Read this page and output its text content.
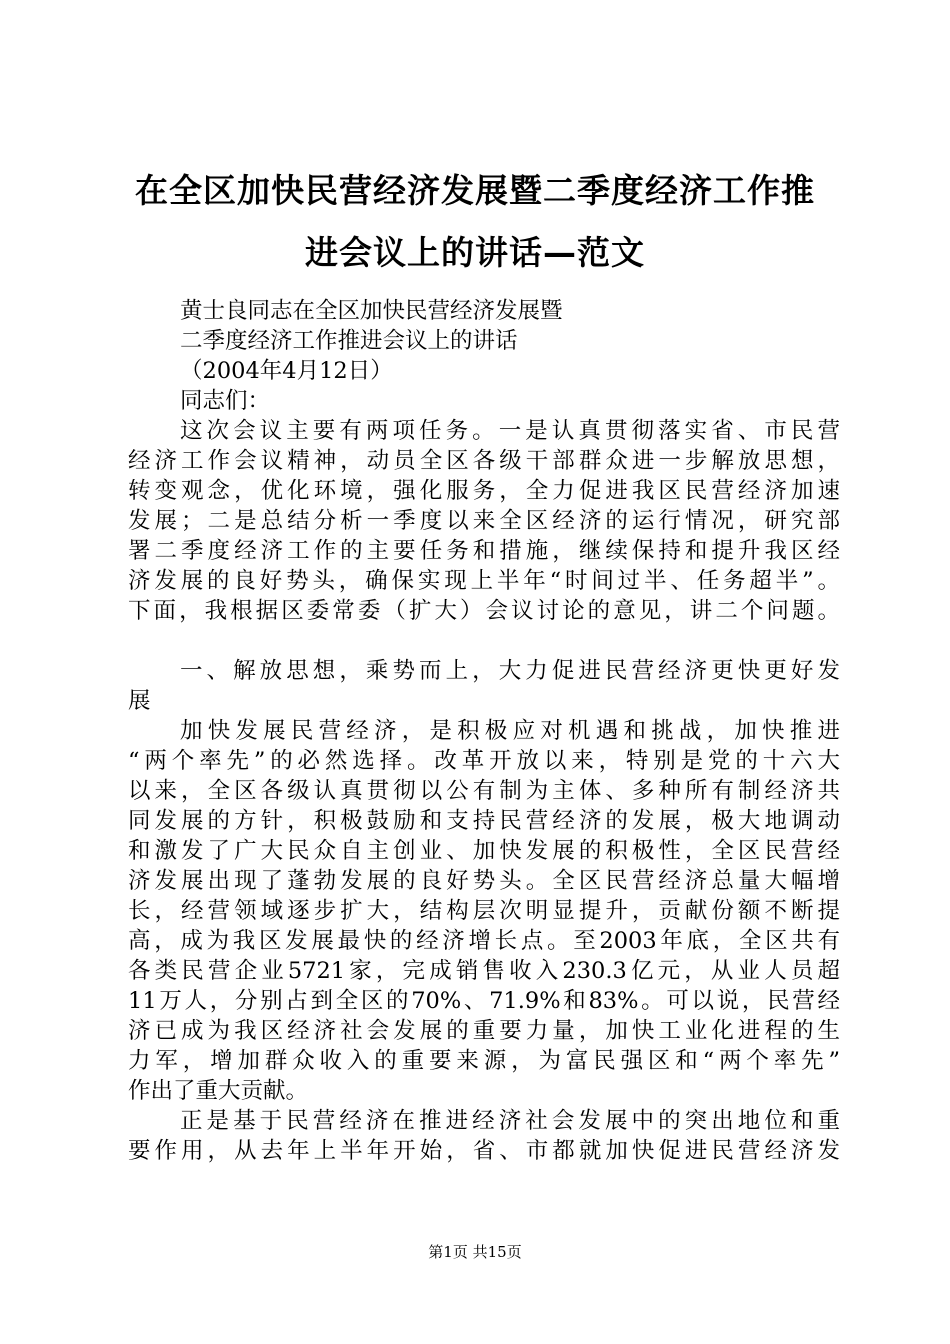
在全区加快民营经济发展暨二季度经济工作推
进会议上的讲话—范文
黄士良同志在全区加快民营经济发展暨
二季度经济工作推进会议上的讲话
（2004年4月12日）
同志们：
这次会议主要有两项任务。一是认真贯彻落实省、市民营
经济工作会议精神，动员全区各级干部群众进一步解放思想，
转变观念，优化环境，强化服务，全力促进我区民营经济加速
发展；二是总结分析一季度以来全区经济的运行情况，研究部
署二季度经济工作的主要任务和措施，继续保持和提升我区经
济发展的良好势头，确保实现上半年“时间过半、任务超半”。
下面，我根据区委常委（扩大）会议讨论的意见，讲二个问题。
一、解放思想，乘势而上，大力促进民营经济更快更好发
展
加快发展民营经济，是积极应对机遇和挑战，加快推进
“两个率先”的必然选择。改革开放以来，特别是党的十六大
以来，全区各级认真贯彻以公有制为主体、多种所有制经济共
同发展的方针，积极鼓励和支持民营经济的发展，极大地调动
和激发了广大民众自主创业、加快发展的积极性，全区民营经
济发展出现了蓬勃发展的良好势头。全区民营经济总量大幅增
长，经营领域逐步扩大，结构层次明显提升，贡献份额不断提
高，成为我区发展最快的经济增长点。至2003年底，全区共有
各类民营企业5721家，完成销售收入230.3亿元，从业人员超
11万人，分别占到全区的70%、71.9%和83%。可以说，民营经
济已成为我区经济社会发展的重要力量，加快工业化进程的生
力军，增加群众收入的重要来源，为富民强区和“两个率先”
作出了重大贡献。
正是基于民营经济在推进经济社会发展中的突出地位和重
要作用，从去年上半年开始，省、市都就加快促进民营经济发
第1页 共15页
